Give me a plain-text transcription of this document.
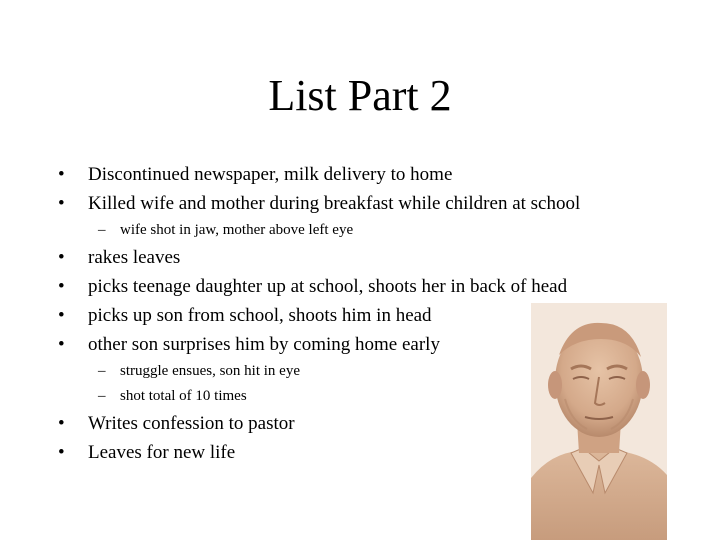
List Part 2
• Discontinued newspaper, milk delivery to home
• Killed wife and mother during breakfast while children at school
– wife shot in jaw, mother above left eye
• rakes leaves
• picks teenage daughter up at school, shoots her in back of head
• picks up son from school, shoots him in head
• other son surprises him by coming home early
– struggle ensues, son hit in eye
– shot total of 10 times
• Writes confession to pastor
• Leaves for new life
